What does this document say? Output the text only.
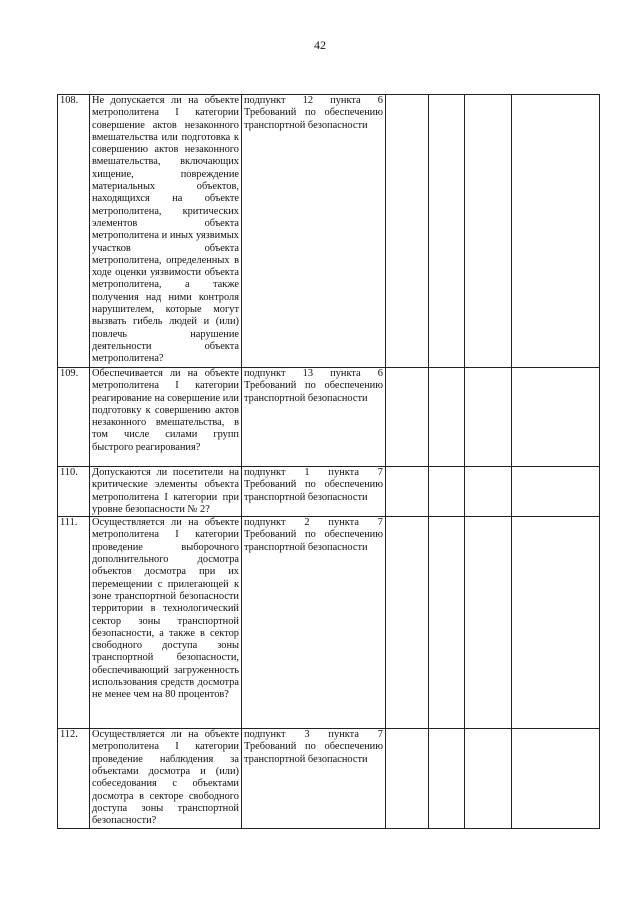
42
108.	Не допускается ли на объекте метрополитена I категории совершение актов незаконного вмешательства или подготовка к совершению актов незаконного вмешательства, включающих хищение, повреждение материальных объектов, находящихся на объекте метрополитена, критических элементов объекта метрополитена и иных уязвимых участков объекта метрополитена, определенных в ходе оценки уязвимости объекта метрополитена, а также получения над ними контроля нарушителем, которые могут вызвать гибель людей и (или) повлечь нарушение деятельности объекта метрополитена?	подпункт 12 пункта 6 Требований по обеспечению транспортной безопасности				
109.	Обеспечивается ли на объекте метрополитена I категории реагирование на совершение или подготовку к совершению актов незаконного вмешательства, в том числе силами групп быстрого реагирования?	подпункт 13 пункта 6 Требований по обеспечению транспортной безопасности				
110.	Допускаются ли посетители на критические элементы объекта метрополитена I категории при уровне безопасности № 2?	подпункт 1 пункта 7 Требований по обеспечению транспортной безопасности				
111.	Осуществляется ли на объекте метрополитена I категории проведение выборочного дополнительного досмотра объектов досмотра при их перемещении с прилегающей к зоне транспортной безопасности территории в технологический сектор зоны транспортной безопасности, а также в сектор свободного доступа зоны транспортной безопасности, обеспечивающий загруженность использования средств досмотра не менее чем на 80 процентов?	подпункт 2 пункта 7 Требований по обеспечению транспортной безопасности				
112.	Осуществляется ли на объекте метрополитена I категории проведение наблюдения за объектами досмотра и (или) собеседования с объектами досмотра в секторе свободного доступа зоны транспортной безопасности?	подпункт 3 пункта 7 Требований по обеспечению транспортной безопасности				
